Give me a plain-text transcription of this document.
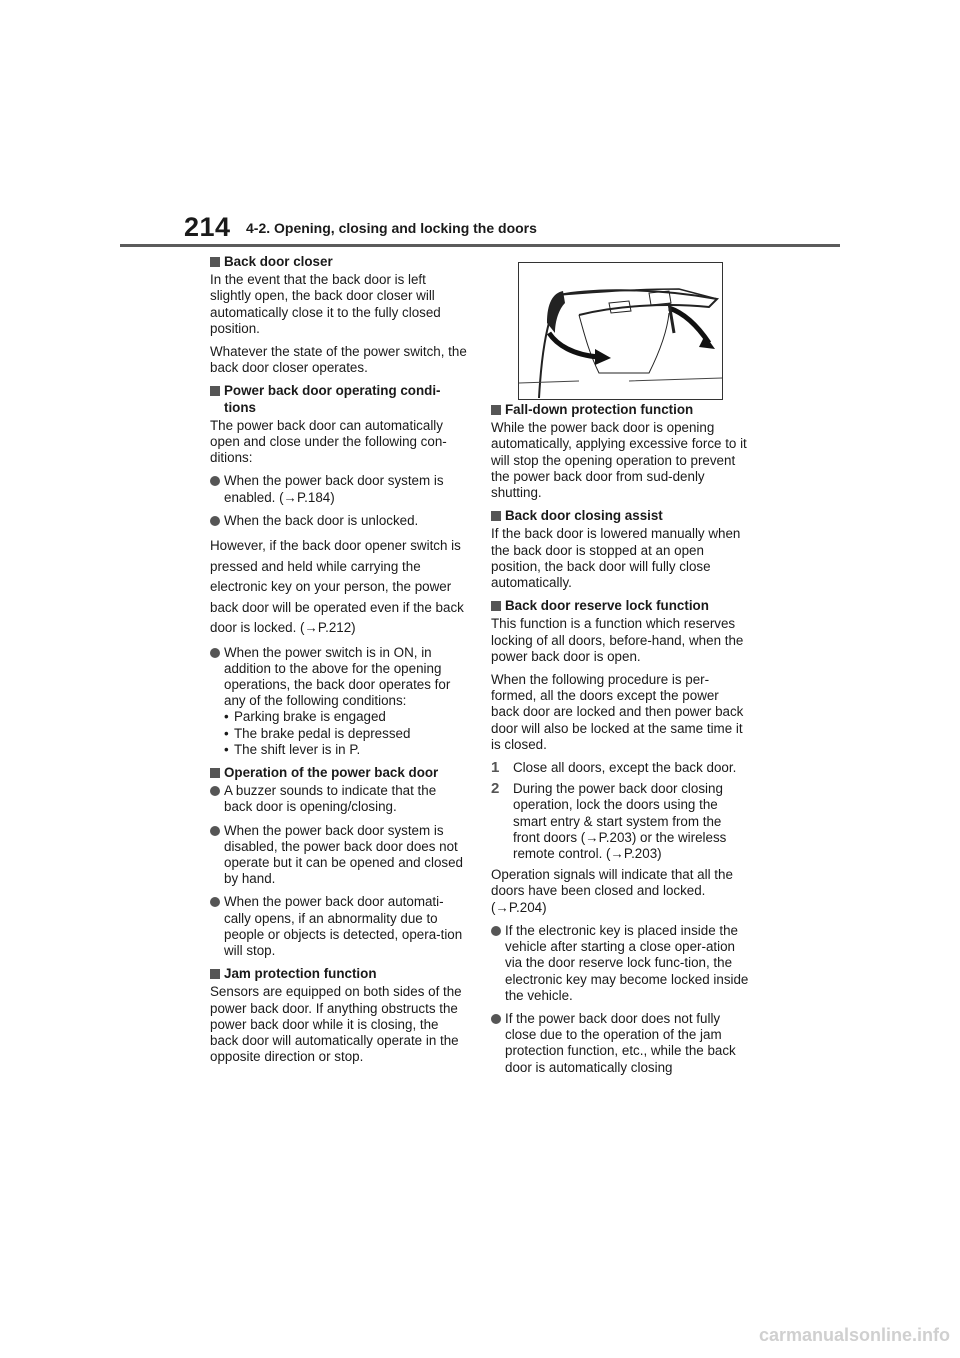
214 4-2. Opening, closing and locking the doors
Back door closer
In the event that the back door is left slightly open, the back door closer will automatically close it to the fully closed position.
Whatever the state of the power switch, the back door closer operates.
Power back door operating condi-tions
The power back door can automatically open and close under the following con-ditions:
When the power back door system is enabled. (→P.184)
When the back door is unlocked.
However, if the back door opener switch is pressed and held while carrying the electronic key on your person, the power back door will be operated even if the back door is locked. (→P.212)
When the power switch is in ON, in addition to the above for the opening operations, the back door operates for any of the following conditions:
• Parking brake is engaged
• The brake pedal is depressed
• The shift lever is in P.
Operation of the power back door
A buzzer sounds to indicate that the back door is opening/closing.
When the power back door system is disabled, the power back door does not operate but it can be opened and closed by hand.
When the power back door automati-cally opens, if an abnormality due to people or objects is detected, opera-tion will stop.
Jam protection function
Sensors are equipped on both sides of the power back door. If anything obstructs the power back door while it is closing, the back door will automatically operate in the opposite direction or stop.
Fall-down protection function
While the power back door is opening automatically, applying excessive force to it will stop the opening operation to prevent the power back door from sud-denly shutting.
Back door closing assist
If the back door is lowered manually when the back door is stopped at an open position, the back door will fully close automatically.
Back door reserve lock function
This function is a function which reserves locking of all doors, before-hand, when the power back door is open.
When the following procedure is per-formed, all the doors except the power back door are locked and then power back door will also be locked at the same time it is closed.
1 Close all doors, except the back door.
2 During the power back door closing operation, lock the doors using the smart entry & start system from the front doors (→P.203) or the wireless remote control. (→P.203)
Operation signals will indicate that all the doors have been closed and locked. (→P.204)
If the electronic key is placed inside the vehicle after starting a close oper-ation via the door reserve lock func-tion, the electronic key may become locked inside the vehicle.
If the power back door does not fully close due to the operation of the jam protection function, etc., while the back door is automatically closing
carmanualsonline.info
